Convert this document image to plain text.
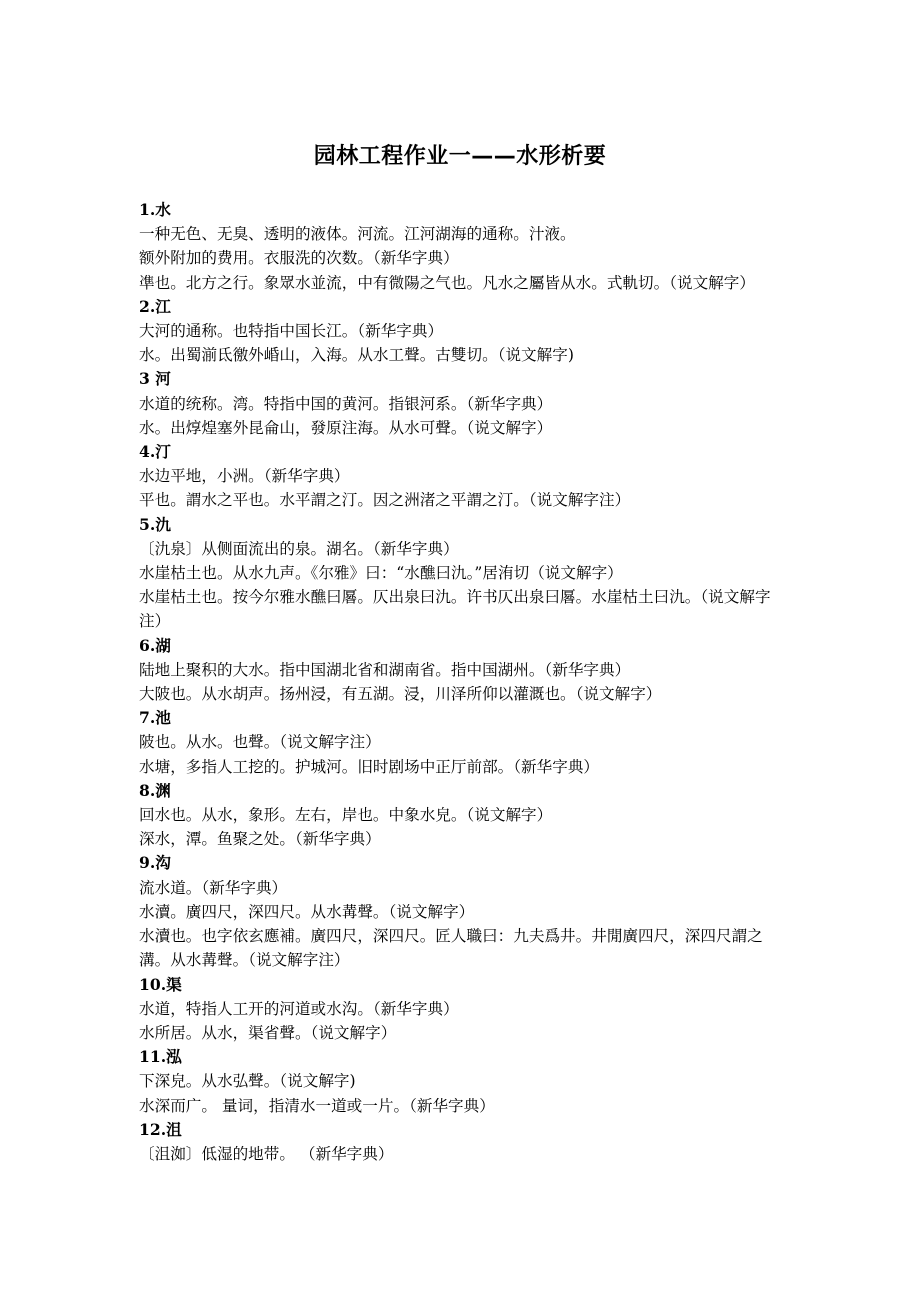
园林工程作业一——水形析要

1.水

一种无色、无臭、透明的液体。河流。江河湖海的通称。汁液。

额外附加的费用。衣服洗的次数。（新华字典）

凖也。北方之行。象眾水並流，中有微陽之气也。凡水之屬皆从水。式軌切。（说文解字）

2.江

大河的通称。也特指中国长江。（新华字典）

水。出蜀湔氐徼外崏山，入海。从水工聲。古雙切。（说文解字)

3 河

水道的统称。湾。特指中国的黄河。指银河系。（新华字典）

水。出焞煌塞外昆侖山，發原注海。从水可聲。（说文解字）

4.汀

水边平地，小洲。（新华字典）

平也。謂水之平也。水平謂之汀。因之洲渚之平謂之汀。（说文解字注）

5.氿

〔氿泉〕从侧面流出的泉。湖名。（新华字典）

水崖枯土也。从水九声。《尔雅》曰：“水醮曰氿。”居洧切（说文解字）

水崖枯土也。按今尔雅水醮曰厬。仄出泉曰氿。许书仄出泉曰厬。水崖枯土曰氿。（说文解字注）

6.湖

陆地上聚积的大水。指中国湖北省和湖南省。指中国湖州。（新华字典）

大陂也。从水胡声。扬州浸，有五湖。浸，川泽所仰以灌溉也。（说文解字）

7.池

陂也。从水。也聲。（说文解字注）

水塘，多指人工挖的。护城河。旧时剧场中正厅前部。（新华字典）

8.渊

回水也。从水，象形。左右，岸也。中象水皃。（说文解字）

深水，潭。鱼聚之处。（新华字典）

9.沟

流水道。（新华字典）

水瀆。廣四尺，深四尺。从水冓聲。（说文解字）

水瀆也。也字依玄應補。廣四尺，深四尺。匠人職曰：九夫爲井。井閒廣四尺，深四尺謂之溝。从水冓聲。（说文解字注）

10.渠

水道，特指人工开的河道或水沟。（新华字典）

水所居。从水，渠省聲。（说文解字）

11.泓

下深皃。从水弘聲。（说文解字)

水深而广。 量词，指清水一道或一片。（新华字典）

12.沮

〔沮洳〕低湿的地带。 （新华字典）
